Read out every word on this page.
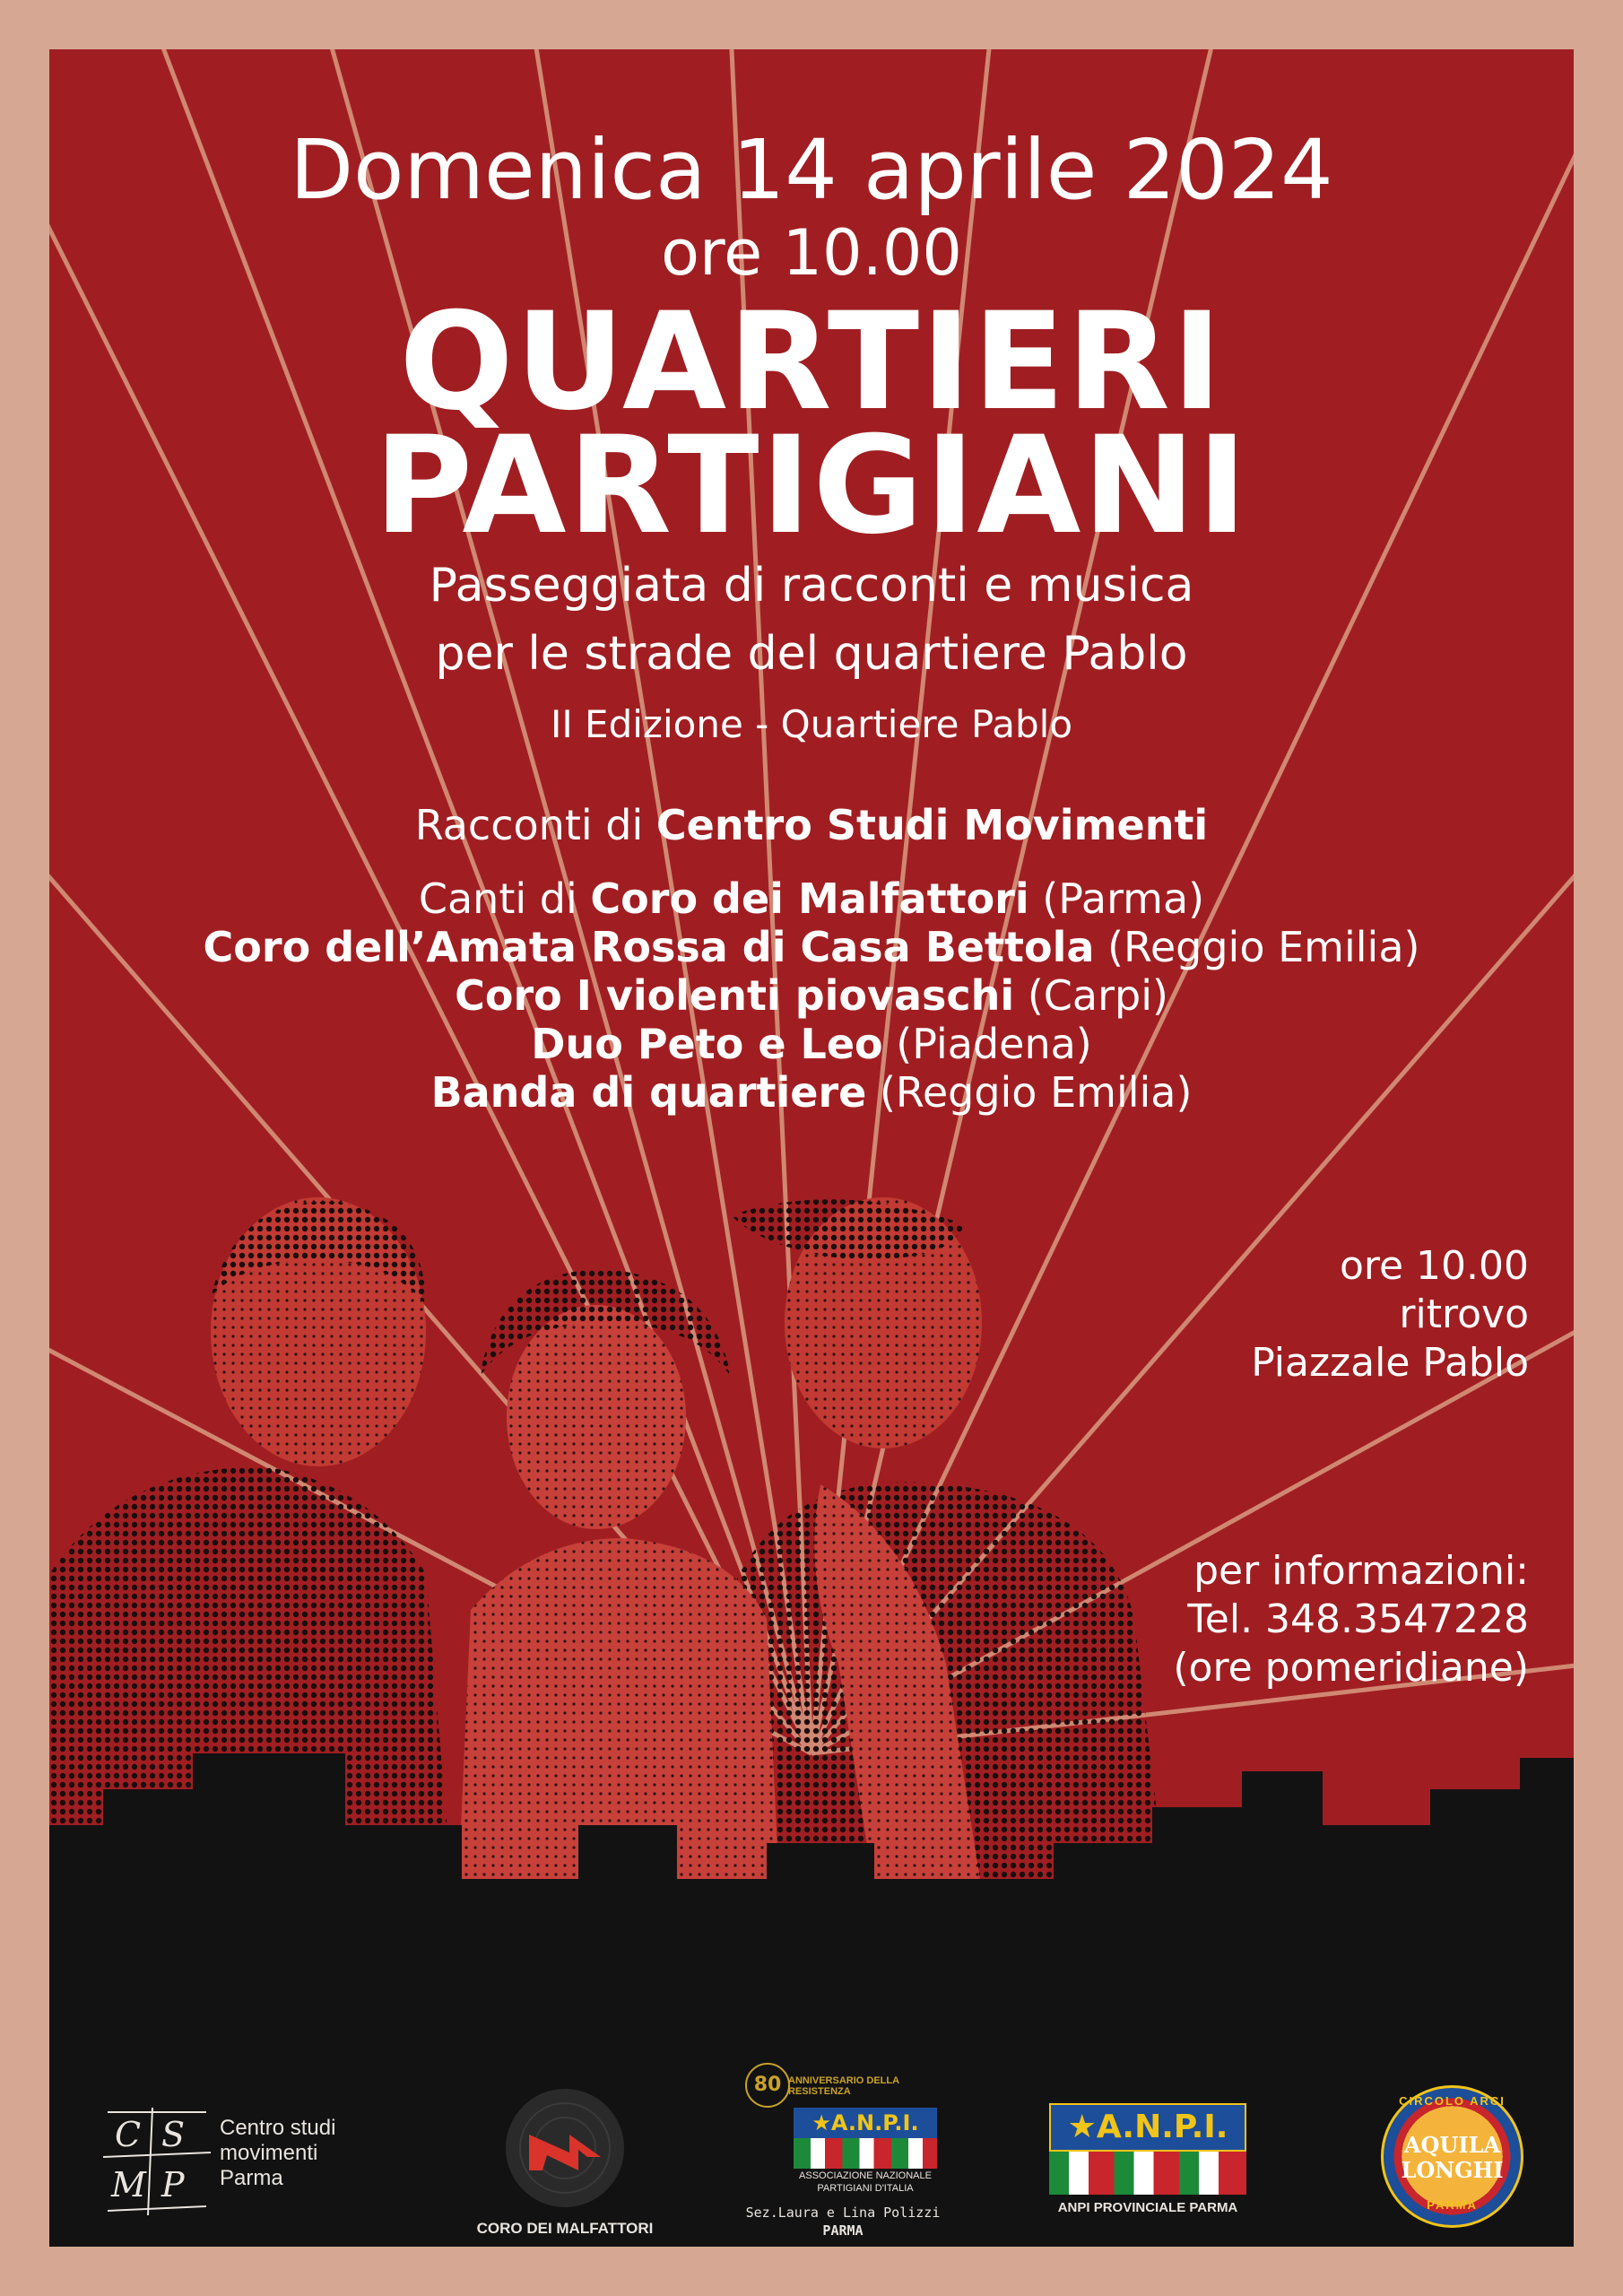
Domenica 14 aprile 2024
ore 10.00
QUARTIERI
PARTIGIANI
Passeggiata di racconti e musica
per le strade del quartiere Pablo
II Edizione - Quartiere Pablo
Racconti di Centro Studi Movimenti
Canti di Coro dei Malfattori (Parma)
Coro dell’Amata Rossa di Casa Bettola (Reggio Emilia)
Coro I violenti piovaschi (Carpi)
Duo Peto e Leo (Piadena)
Banda di quartiere (Reggio Emilia)
ore 10.00
ritrovo
Piazzale Pablo
per informazioni:
Tel. 348.3547228
(ore pomeridiane)
C S
M P
Centro studi
movimenti
Parma
CORO DEI MALFATTORI
80 ANNIVERSARIO DELLA RESISTENZA
★A.N.P.I.
ASSOCIAZIONE NAZIONALE
PARTIGIANI D'ITALIA
Sez.Laura e Lina Polizzi
PARMA
★A.N.P.I.
ANPI PROVINCIALE PARMA
CIRCOLO ARCI
AQUILA
LONGHI
PARMA
